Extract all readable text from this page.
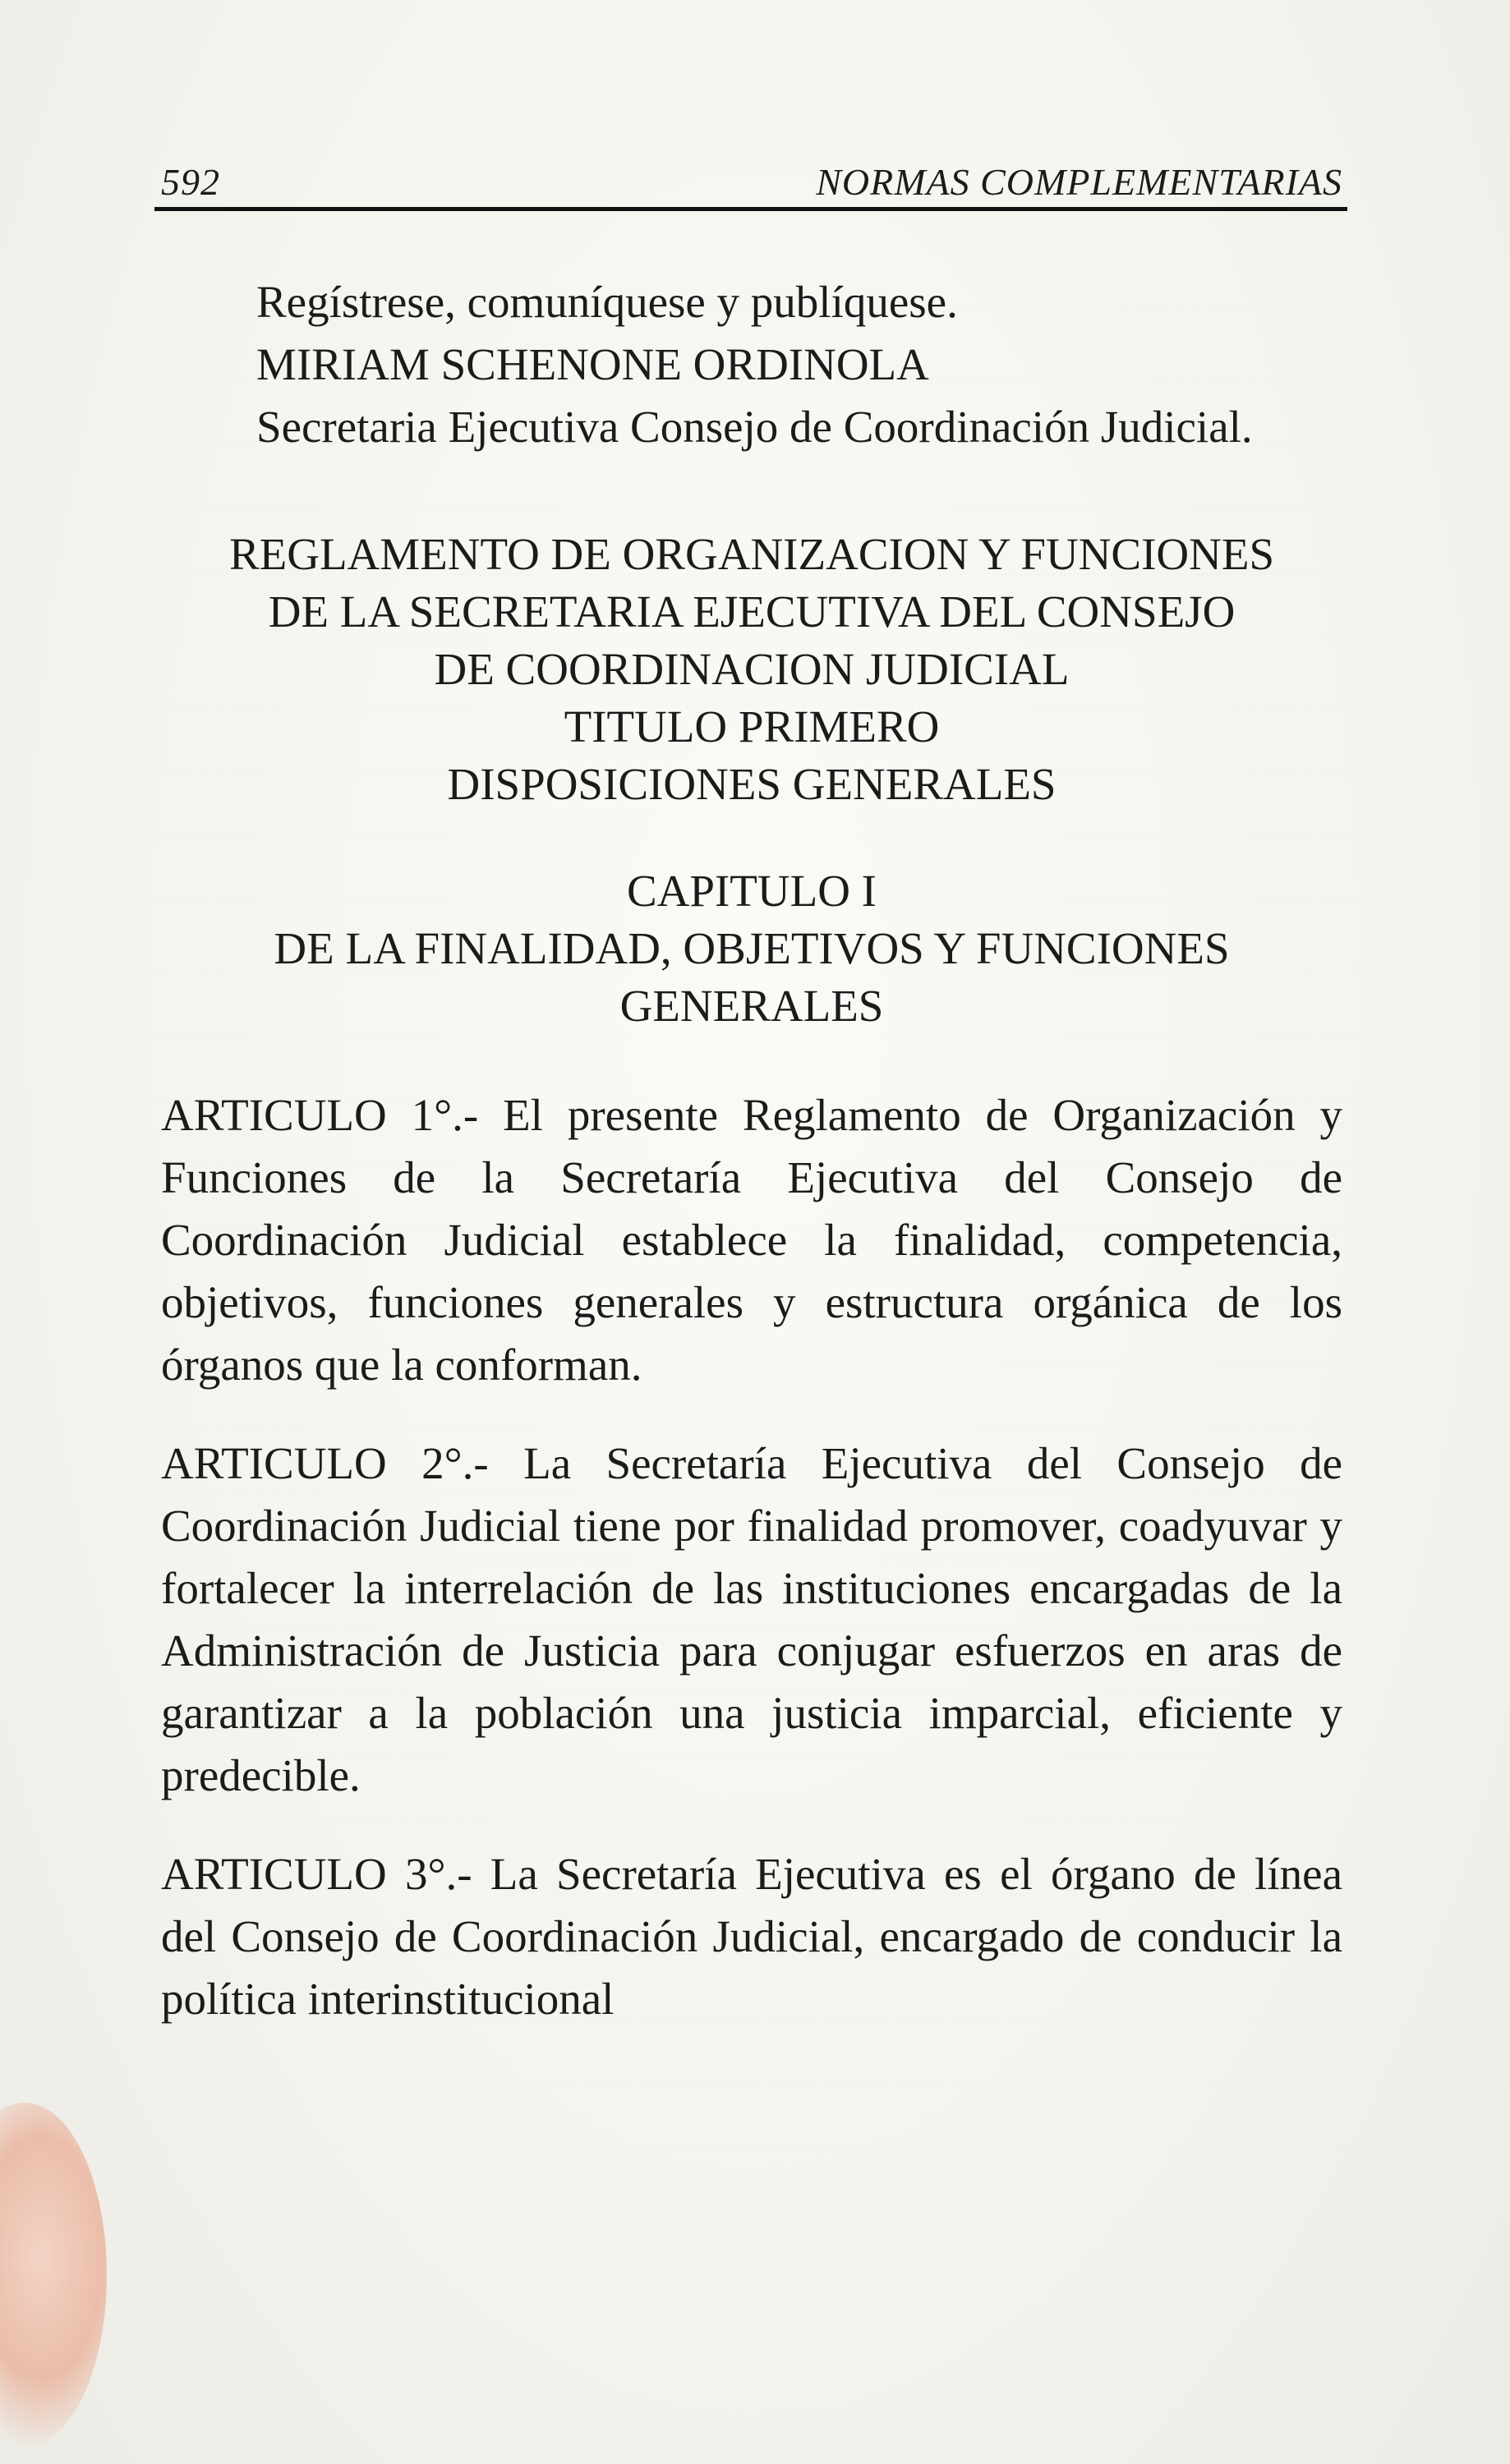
592	NORMAS COMPLEMENTARIAS

Regístrese, comuníquese y publíquese.

MIRIAM SCHENONE ORDINOLA

Secretaria Ejecutiva Consejo de Coordinación Judicial.

REGLAMENTO DE ORGANIZACION Y FUNCIONES

DE LA SECRETARIA EJECUTIVA DEL CONSEJO

DE COORDINACION JUDICIAL

TITULO PRIMERO

DISPOSICIONES GENERALES

CAPITULO I

DE LA FINALIDAD, OBJETIVOS Y FUNCIONES

GENERALES

ARTICULO 1°.- El presente Reglamento de Organización y Funciones de la Secretaría Ejecutiva del Consejo de Coordinación Judicial establece la finalidad, competencia, objetivos, funciones generales y estructura orgánica de los órganos que la conforman.

ARTICULO 2°.- La Secretaría Ejecutiva del Consejo de Coordinación Judicial tiene por finalidad promover, coadyuvar y fortalecer la interrelación de las instituciones encargadas de la Administración de Justicia para conjugar esfuerzos en aras de garantizar a la población una justicia imparcial, eficiente y predecible.

ARTICULO 3°.- La Secretaría Ejecutiva es el órgano de línea del Consejo de Coordinación Judicial, encargado de conducir la política interinstitucional
